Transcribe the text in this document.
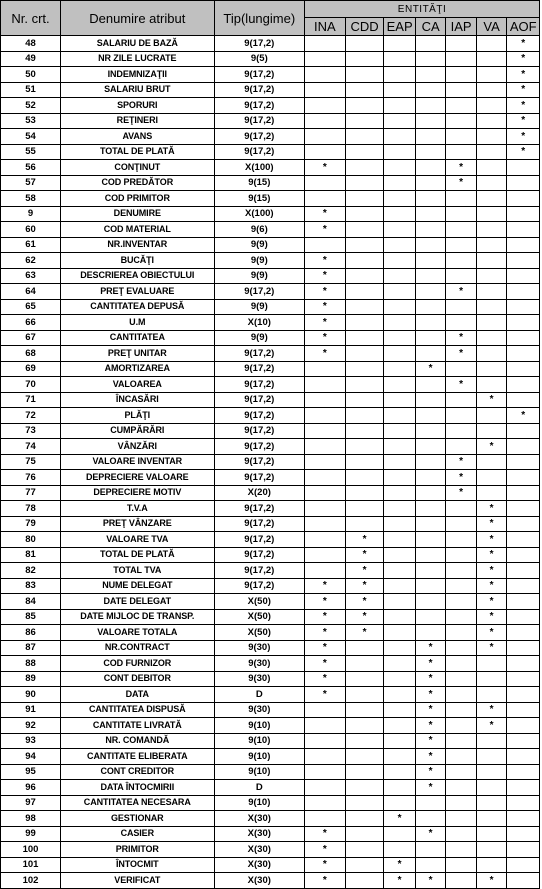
Nr. crt.	Denumire atribut	Tip(lungime)	ENTITĂŢI						
			INA	CDD	EAP	CA	IAP	VA	AOF
48	SALARIU DE BAZĂ	9(17,2)							*
49	NR ZILE LUCRATE	9(5)							*
50	INDEMNIZAŢII	9(17,2)							*
51	SALARIU BRUT	9(17,2)							*
52	SPORURI	9(17,2)							*
53	REŢINERI	9(17,2)							*
54	AVANS	9(17,2)							*
55	TOTAL DE PLATĂ	9(17,2)							*
56	CONŢINUT	X(100)	*				*		
57	COD PREDĂTOR	9(15)					*		
58	COD PRIMITOR	9(15)							
9	DENUMIRE	X(100)	*						
60	COD MATERIAL	9(6)	*						
61	NR.INVENTAR	9(9)							
62	BUCĂŢI	9(9)	*						
63	DESCRIEREA OBIECTULUI	9(9)	*						
64	PREŢ EVALUARE	9(17,2)	*				*		
65	CANTITATEA DEPUSĂ	9(9)	*						
66	U.M	X(10)	*						
67	CANTITATEA	9(9)	*				*		
68	PREŢ UNITAR	9(17,2)	*				*		
69	AMORTIZAREA	9(17,2)				*			
70	VALOAREA	9(17,2)					*		
71	ÎNCASĂRI	9(17,2)						*	
72	PLĂŢI	9(17,2)							*
73	CUMPĂRĂRI	9(17,2)							
74	VÂNZĂRI	9(17,2)						*	
75	VALOARE INVENTAR	9(17,2)					*		
76	DEPRECIERE VALOARE	9(17,2)					*		
77	DEPRECIERE MOTIV	X(20)					*		
78	T.V.A	9(17,2)						*	
79	PREŢ VÂNZARE	9(17,2)						*	
80	VALOARE TVA	9(17,2)		*				*	
81	TOTAL DE PLATĂ	9(17,2)		*				*	
82	TOTAL TVA	9(17,2)		*				*	
83	NUME DELEGAT	9(17,2)	*	*				*	
84	DATE DELEGAT	X(50)	*	*				*	
85	DATE MIJLOC DE TRANSP.	X(50)	*	*				*	
86	VALOARE TOTALA	X(50)	*	*				*	
87	NR.CONTRACT	9(30)	*			*		*	
88	COD FURNIZOR	9(30)	*			*			
89	CONT DEBITOR	9(30)	*			*			
90	DATA	D	*			*			
91	CANTITATEA DISPUSĂ	9(30)				*		*	
92	CANTITATE LIVRATĂ	9(10)				*		*	
93	NR. COMANDĂ	9(10)				*			
94	CANTITATE ELIBERATA	9(10)				*			
95	CONT CREDITOR	9(10)				*			
96	DATA ÎNTOCMIRII	D				*			
97	CANTITATEA NECESARA	9(10)							
98	GESTIONAR	X(30)			*				
99	CASIER	X(30)	*			*			
100	PRIMITOR	X(30)	*						
101	ÎNTOCMIT	X(30)	*		*				
102	VERIFICAT	X(30)	*		*	*		*	
